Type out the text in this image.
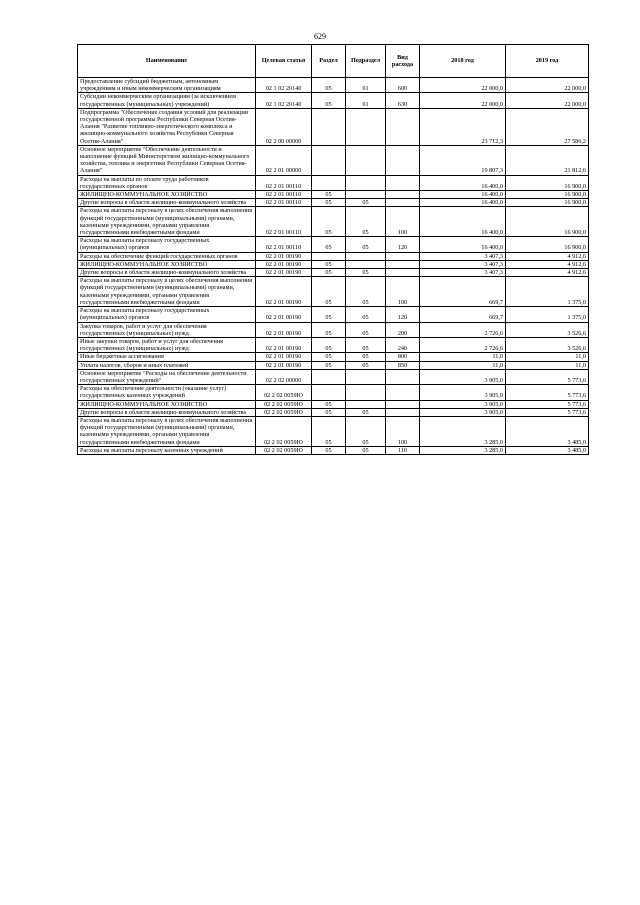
629
Наименование	Целевая статья	Раздел	Подраздел	Вид расхода	2018 год	2019 год
Предоставление субсидий бюджетным, автономным учреждениям и иным некоммерческим организациям	02 1 02 20140	05	01	600	22 000,0	22 000,0
Субсидии некоммерческим организациям (за исключением государственных (муниципальных) учреждений)	02 1 02 20140	05	01	630	22 000,0	22 000,0
Подпрограмма "Обеспечение создания условий для реализации государственной программы Республики Северная Осетия-Алания "Развитие топливно-энергетического комплекса и жилищно-коммунального хозяйства Республики Северная Осетия-Алания"	02 2 00 00000				23 712,3	27 586,2
Основное мероприятие "Обеспечение деятельности и выполнение функций Министерством жилищно-коммунального хозяйства, топлива и энергетики Республики Северная Осетия-Алания"	02 2 01 00000				19 807,3	21 812,6
Расходы на выплаты по оплате труда работников государственных органов	02 2 01 00110				16 400,0	16 900,0
ЖИЛИЩНО-КОММУНАЛЬНОЕ ХОЗЯЙСТВО	02 2 01 00110	05			16 400,0	16 900,0
Другие вопросы в области жилищно-коммунального хозяйства	02 2 01 00110	05	05		16 400,0	16 900,0
Расходы на выплаты персоналу в целях обеспечения выполнения функций государственными (муниципальными) органами, казенными учреждениями, органами управления государственными внебюджетными фондами	02 2 01 00110	05	05	100	16 400,0	16 900,0
Расходы на выплаты персоналу государственных (муниципальных) органов	02 2 01 00110	05	05	120	16 400,0	16 900,0
Расходы на обеспечение функций государственных органов	02 2 01 00190				3 407,3	4 912,6
ЖИЛИЩНО-КОММУНАЛЬНОЕ ХОЗЯЙСТВО	02 2 01 00190	05			3 407,3	4 912,6
Другие вопросы в области жилищно-коммунального хозяйства	02 2 01 00190	05	05		3 407,3	4 912,6
Расходы на выплаты персоналу в целях обеспечения выполнения функций государственными (муниципальными) органами, казенными учреждениями, органами управления государственными внебюджетными фондами	02 2 01 00190	05	05	100	669,7	1 375,0
Расходы на выплаты персоналу государственных (муниципальных) органов	02 2 01 00190	05	05	120	669,7	1 375,0
Закупка товаров, работ и услуг для обеспечения государственных (муниципальных) нужд	02 2 01 00190	05	05	200	2 726,6	3 526,6
Иные закупки товаров, работ и услуг для обеспечения государственных (муниципальных) нужд	02 2 01 00190	05	05	240	2 726,6	3 526,6
Иные бюджетные ассигнования	02 2 01 00190	05	05	800	11,0	11,0
Уплата налогов, сборов и иных платежей	02 2 01 00190	05	05	850	11,0	11,0
Основное мероприятие "Расходы на обеспечение деятельности государственных учреждений"	02 2 02 00000				3 905,0	5 773,6
Расходы на обеспечение деятельности (оказание услуг) государственных казенных учреждений	02 2 02 0059Ю				3 905,0	5 773,6
ЖИЛИЩНО-КОММУНАЛЬНОЕ ХОЗЯЙСТВО	02 2 02 0059Ю	05			3 905,0	5 773,6
Другие вопросы в области жилищно-коммунального хозяйства	02 2 02 0059Ю	05	05		3 905,0	5 773,6
Расходы на выплаты персоналу в целях обеспечения выполнения функций государственными (муниципальными) органами, казенными учреждениями, органами управления государственными внебюджетными фондами	02 2 02 0059Ю	05	05	100	3 285,0	3 485,0
Расходы на выплаты персоналу казенных учреждений	02 2 02 0059Ю	05	05	110	3 285,0	3 485,0
